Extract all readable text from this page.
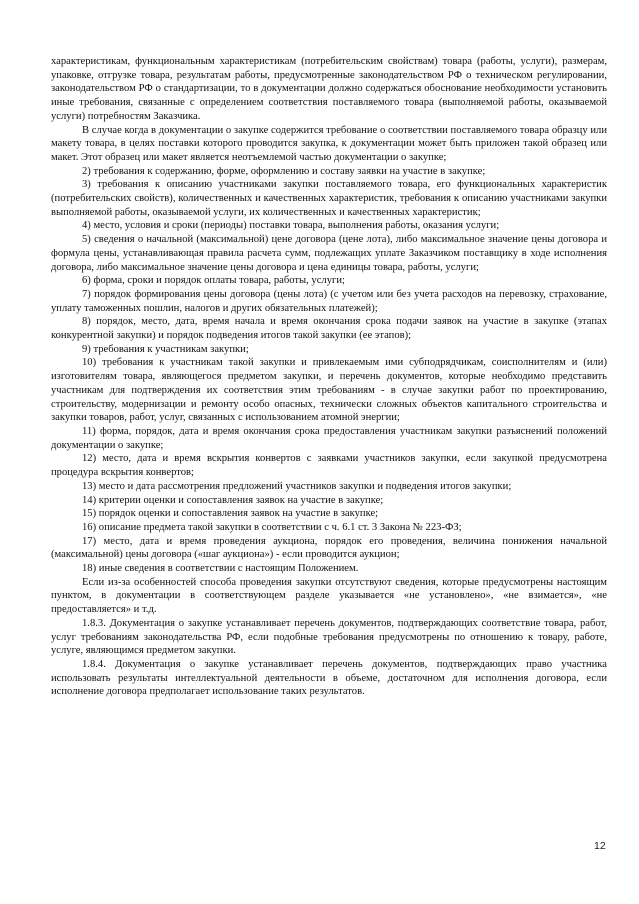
характеристикам, функциональным характеристикам (потребительским свойствам) товара (работы, услуги), размерам, упаковке, отгрузке товара, результатам работы, предусмотренные законодательством РФ о техническом регулировании, законодательством РФ о стандартизации, то в документации должно содержаться обоснование необходимости установить иные требования, связанные с определением соответствия поставляемого товара (выполняемой работы, оказываемой услуги) потребностям Заказчика.

В случае когда в документации о закупке содержится требование о соответствии поставляемого товара образцу или макету товара, в целях поставки которого проводится закупка, к документации может быть приложен такой образец или макет. Этот образец или макет является неотъемлемой частью документации о закупке;

2) требования к содержанию, форме, оформлению и составу заявки на участие в закупке;

3) требования к описанию участниками закупки поставляемого товара, его функциональных характеристик (потребительских свойств), количественных и качественных характеристик, требования к описанию участниками закупки выполняемой работы, оказываемой услуги, их количественных и качественных характеристик;

4) место, условия и сроки (периоды) поставки товара, выполнения работы, оказания услуги;

5) сведения о начальной (максимальной) цене договора (цене лота), либо максимальное значение цены договора и формула цены, устанавливающая правила расчета сумм, подлежащих уплате Заказчиком поставщику в ходе исполнения договора, либо максимальное значение цены договора и цена единицы товара, работы, услуги;

6) форма, сроки и порядок оплаты товара, работы, услуги;

7) порядок формирования цены договора (цены лота) (с учетом или без учета расходов на перевозку, страхование, уплату таможенных пошлин, налогов и других обязательных платежей);

8) порядок, место, дата, время начала и время окончания срока подачи заявок на участие в закупке (этапах конкурентной закупки) и порядок подведения итогов такой закупки (ее этапов);

9) требования к участникам закупки;

10) требования к участникам такой закупки и привлекаемым ими субподрядчикам, соисполнителям и (или) изготовителям товара, являющегося предметом закупки, и перечень документов, которые необходимо представить участникам для подтверждения их соответствия этим требованиям - в случае закупки работ по проектированию, строительству, модернизации и ремонту особо опасных, технически сложных объектов капитального строительства и закупки товаров, работ, услуг, связанных с использованием атомной энергии;

11) форма, порядок, дата и время окончания срока предоставления участникам закупки разъяснений положений документации о закупке;

12) место, дата и время вскрытия конвертов с заявками участников закупки, если закупкой предусмотрена процедура вскрытия конвертов;

13) место и дата рассмотрения предложений участников закупки и подведения итогов закупки;

14) критерии оценки и сопоставления заявок на участие в закупке;

15) порядок оценки и сопоставления заявок на участие в закупке;

16) описание предмета такой закупки в соответствии с ч. 6.1 ст. 3 Закона № 223-ФЗ;

17) место, дата и время проведения аукциона, порядок его проведения, величина понижения начальной (максимальной) цены договора («шаг аукциона») - если проводится аукцион;

18) иные сведения в соответствии с настоящим Положением.

Если из-за особенностей способа проведения закупки отсутствуют сведения, которые предусмотрены настоящим пунктом, в документации в соответствующем разделе указывается «не установлено», «не взимается», «не предоставляется» и т.д.

1.8.3. Документация о закупке устанавливает перечень документов, подтверждающих соответствие товара, работ, услуг требованиям законодательства РФ, если подобные требования предусмотрены по отношению к товару, работе, услуге, являющимся предметом закупки.

1.8.4. Документация о закупке устанавливает перечень документов, подтверждающих право участника использовать результаты интеллектуальной деятельности в объеме, достаточном для исполнения договора, если исполнение договора предполагает использование таких результатов.

12
